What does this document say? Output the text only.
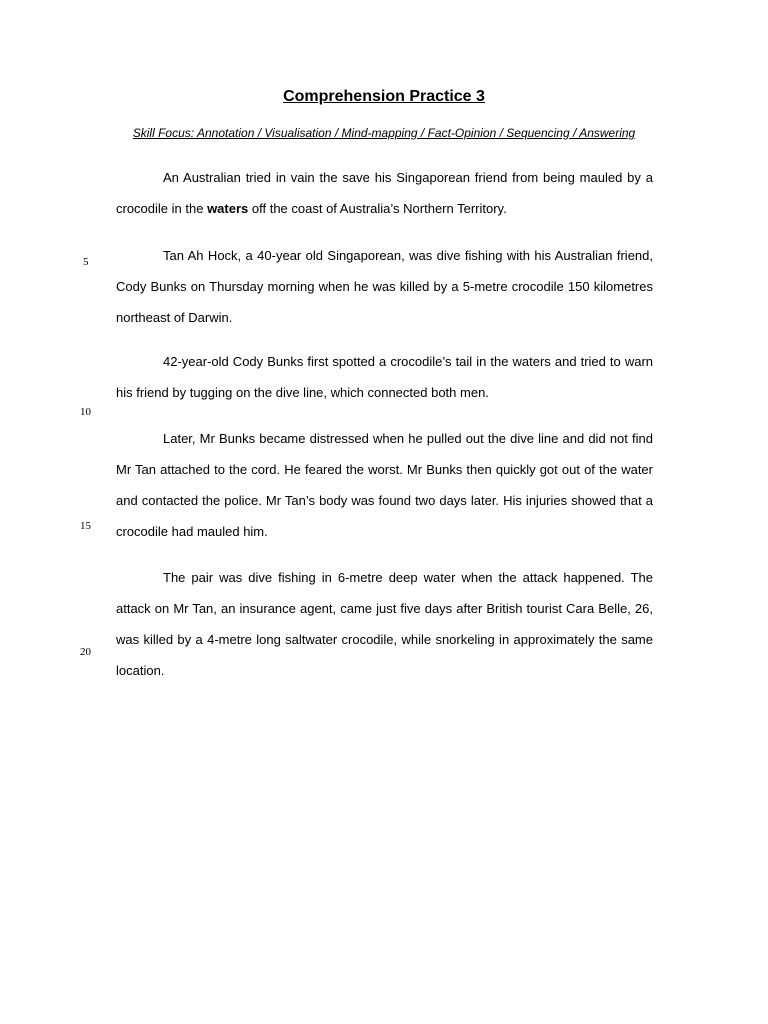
Comprehension Practice 3

Skill Focus: Annotation / Visualisation / Mind-mapping / Fact-Opinion / Sequencing / Answering

An Australian tried in vain the save his Singaporean friend from being mauled by a crocodile in the waters off the coast of Australia’s Northern Territory.

Tan Ah Hock, a 40-year old Singaporean, was dive fishing with his Australian friend, Cody Bunks on Thursday morning when he was killed by a 5-metre crocodile 150 kilometres northeast of Darwin.

42-year-old Cody Bunks first spotted a crocodile’s tail in the waters and tried to warn his friend by tugging on the dive line, which connected both men.

Later, Mr Bunks became distressed when he pulled out the dive line and did not find Mr Tan attached to the cord. He feared the worst. Mr Bunks then quickly got out of the water and contacted the police. Mr Tan’s body was found two days later. His injuries showed that a crocodile had mauled him.

The pair was dive fishing in 6-metre deep water when the attack happened. The attack on Mr Tan, an insurance agent, came just five days after British tourist Cara Belle, 26, was killed by a 4-metre long saltwater crocodile, while snorkeling in approximately the same location.

5
10
15
20
